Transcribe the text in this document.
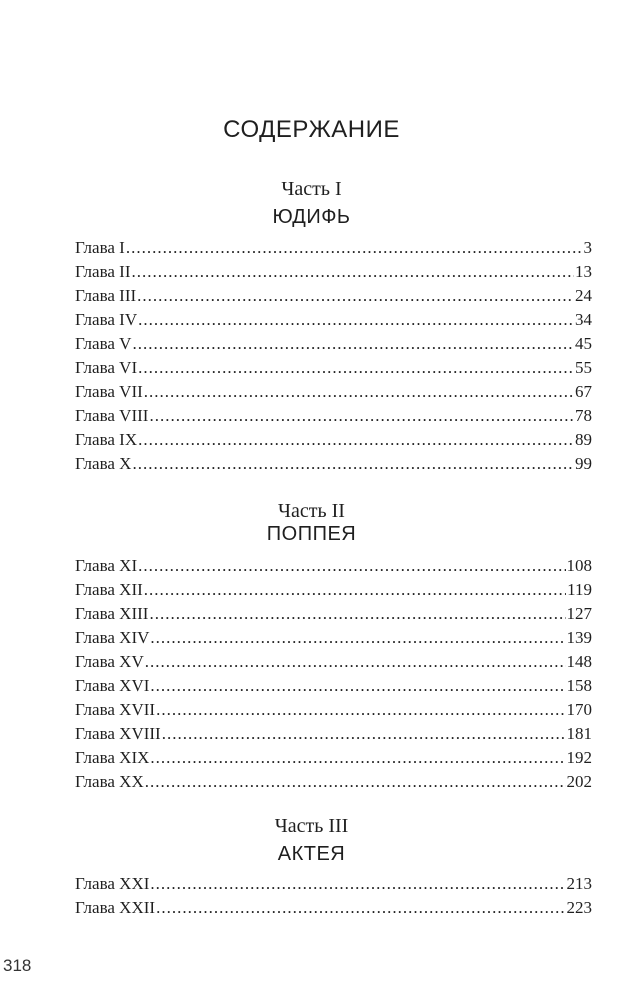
СОДЕРЖАНИЕ
Часть I
ЮДИФЬ
Глава I .....	3
Глава II .....	13
Глава III .....	24
Глава IV .....	34
Глава V .....	45
Глава VI .....	55
Глава VII .....	67
Глава VIII .....	78
Глава IX .....	89
Глава X .....	99
Часть II
ПОППЕЯ
Глава XI .....	108
Глава XII .....	119
Глава XIII .....	127
Глава XIV .....	139
Глава XV .....	148
Глава XVI .....	158
Глава XVII .....	170
Глава XVIII .....	181
Глава XIX .....	192
Глава XX .....	202
Часть III
АКТЕЯ
Глава XXI .....	213
Глава XXII .....	223
318
